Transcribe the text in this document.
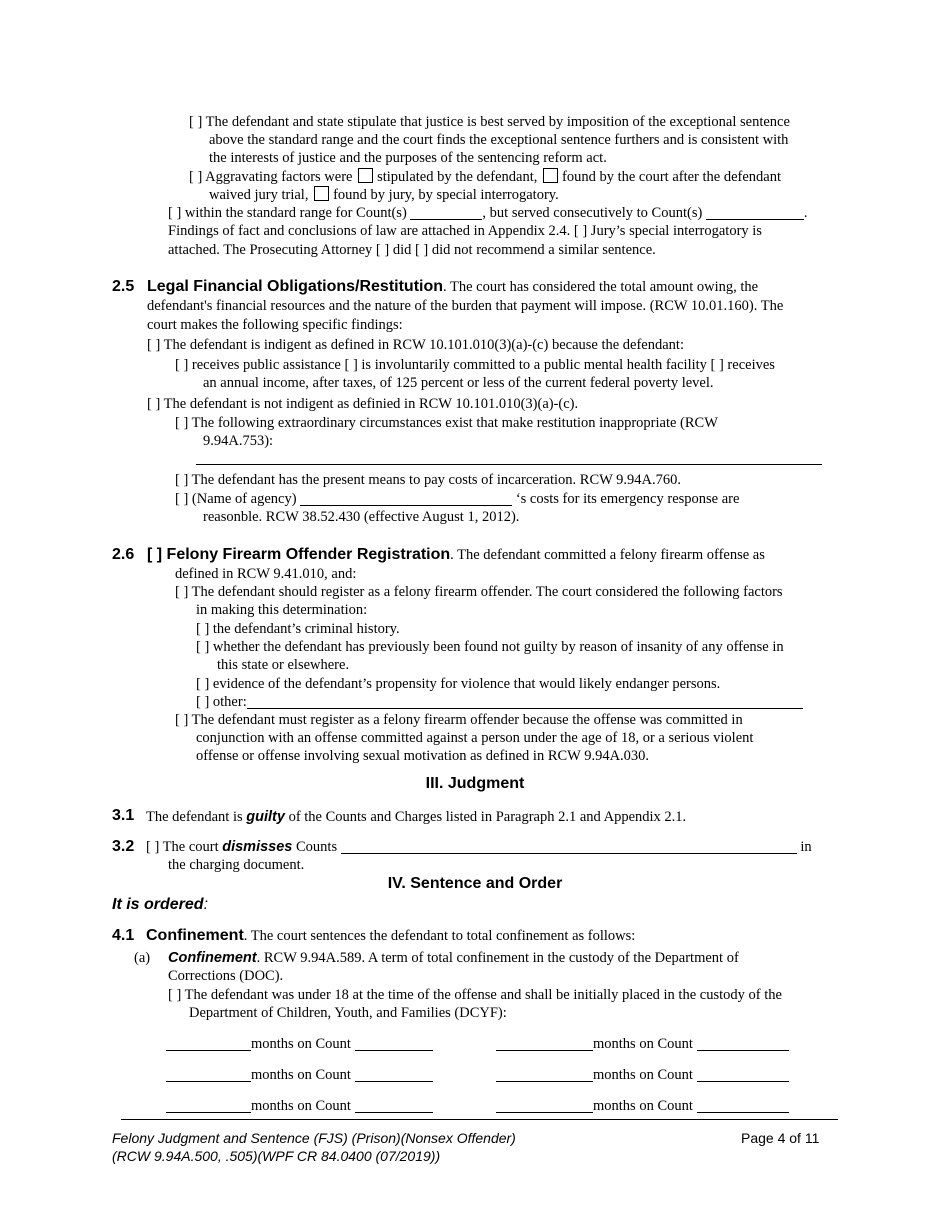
[ ] The defendant and state stipulate that justice is best served by imposition of the exceptional sentence
above the standard range and the court finds the exceptional sentence furthers and is consistent with
the interests of justice and the purposes of the sentencing reform act.
[ ] Aggravating factors were stipulated by the defendant, found by the court after the defendant
waived jury trial, found by jury, by special interrogatory.
[ ] within the standard range for Count(s)	, but served consecutively to Count(s)	.
Findings of fact and conclusions of law are attached in Appendix 2.4. [ ] Jury’s special interrogatory is
attached. The Prosecuting Attorney [ ] did [ ] did not recommend a similar sentence.
2.5 Legal Financial Obligations/Restitution. The court has considered the total amount owing, the
defendant's financial resources and the nature of the burden that payment will impose. (RCW 10.01.160). The
court makes the following specific findings:
[ ] The defendant is indigent as defined in RCW 10.101.010(3)(a)-(c) because the defendant:
[ ] receives public assistance [ ] is involuntarily committed to a public mental health facility [ ] receives
an annual income, after taxes, of 125 percent or less of the current federal poverty level.
[ ] The defendant is not indigent as definied in RCW 10.101.010(3)(a)-(c).
[ ] The following extraordinary circumstances exist that make restitution inappropriate (RCW
9.94A.753):
[ ] The defendant has the present means to pay costs of incarceration. RCW 9.94A.760.
[ ] (Name of agency)	‘s costs for its emergency response are
reasonble. RCW 38.52.430 (effective August 1, 2012).
2.6 [ ] Felony Firearm Offender Registration. The defendant committed a felony firearm offense as
defined in RCW 9.41.010, and:
[ ] The defendant should register as a felony firearm offender. The court considered the following factors
in making this determination:
[ ] the defendant’s criminal history.
[ ] whether the defendant has previously been found not guilty by reason of insanity of any offense in
this state or elsewhere.
[ ] evidence of the defendant’s propensity for violence that would likely endanger persons.
[ ] other:
[ ] The defendant must register as a felony firearm offender because the offense was committed in
conjunction with an offense committed against a person under the age of 18, or a serious violent
offense or offense involving sexual motivation as defined in RCW 9.94A.030.
III. Judgment
3.1 The defendant is guilty of the Counts and Charges listed in Paragraph 2.1 and Appendix 2.1.
3.2 [ ] The court dismisses Counts	in
the charging document.
IV. Sentence and Order
It is ordered:
4.1 Confinement. The court sentences the defendant to total confinement as follows:
(a) Confinement. RCW 9.94A.589. A term of total confinement in the custody of the Department of
Corrections (DOC).
[ ] The defendant was under 18 at the time of the offense and shall be initially placed in the custody of the
Department of Children, Youth, and Families (DCYF):
months on Count	months on Count
months on Count	months on Count
months on Count	months on Count
Felony Judgment and Sentence (FJS) (Prison)(Nonsex Offender)
(RCW 9.94A.500, .505)(WPF CR 84.0400 (07/2019))
Page 4 of 11
